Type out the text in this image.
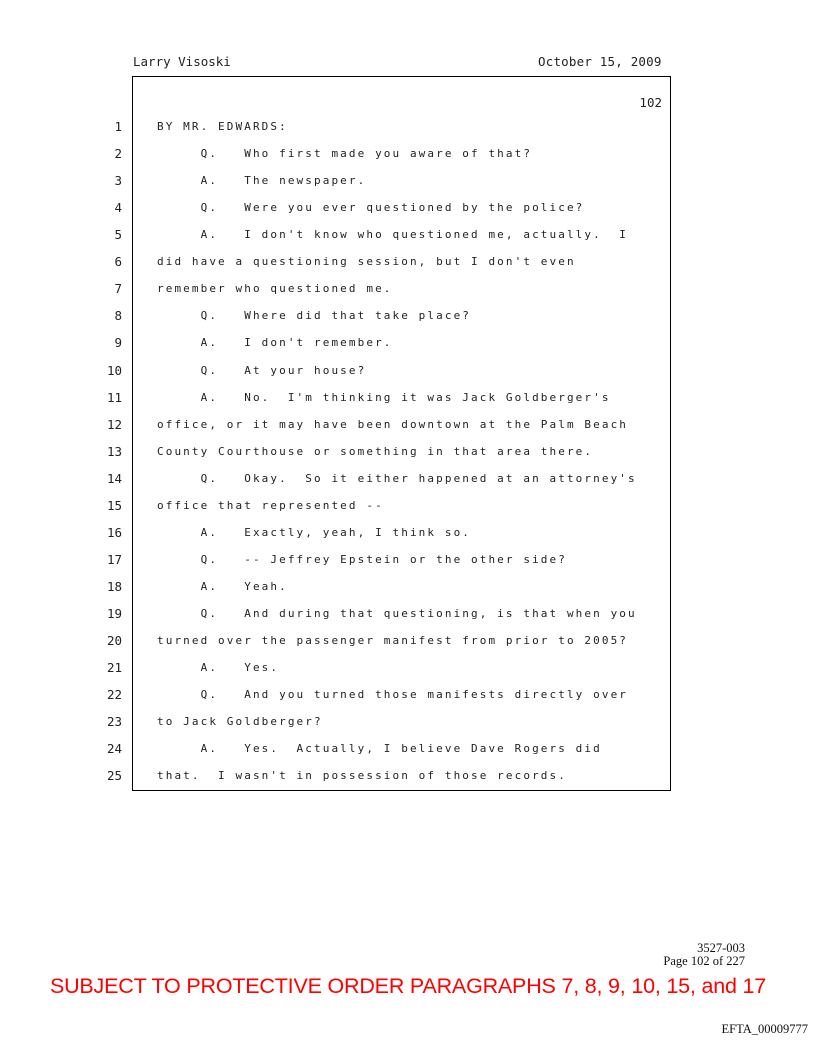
Larry Visoski	October 15, 2009
102
1	BY MR. EDWARDS:
2	Q.   Who first made you aware of that?
3	A.   The newspaper.
4	Q.   Were you ever questioned by the police?
5	A.   I don't know who questioned me, actually.  I
6	did have a questioning session, but I don't even
7	remember who questioned me.
8	Q.   Where did that take place?
9	A.   I don't remember.
10	Q.   At your house?
11	A.   No.  I'm thinking it was Jack Goldberger's
12	office, or it may have been downtown at the Palm Beach
13	County Courthouse or something in that area there.
14	Q.   Okay.  So it either happened at an attorney's
15	office that represented --
16	A.   Exactly, yeah, I think so.
17	Q.   -- Jeffrey Epstein or the other side?
18	A.   Yeah.
19	Q.   And during that questioning, is that when you
20	turned over the passenger manifest from prior to 2005?
21	A.   Yes.
22	Q.   And you turned those manifests directly over
23	to Jack Goldberger?
24	A.   Yes.  Actually, I believe Dave Rogers did
25	that.  I wasn't in possession of those records.
3527-003
Page 102 of 227
SUBJECT TO PROTECTIVE ORDER PARAGRAPHS 7, 8, 9, 10, 15, and 17
EFTA_00009777
